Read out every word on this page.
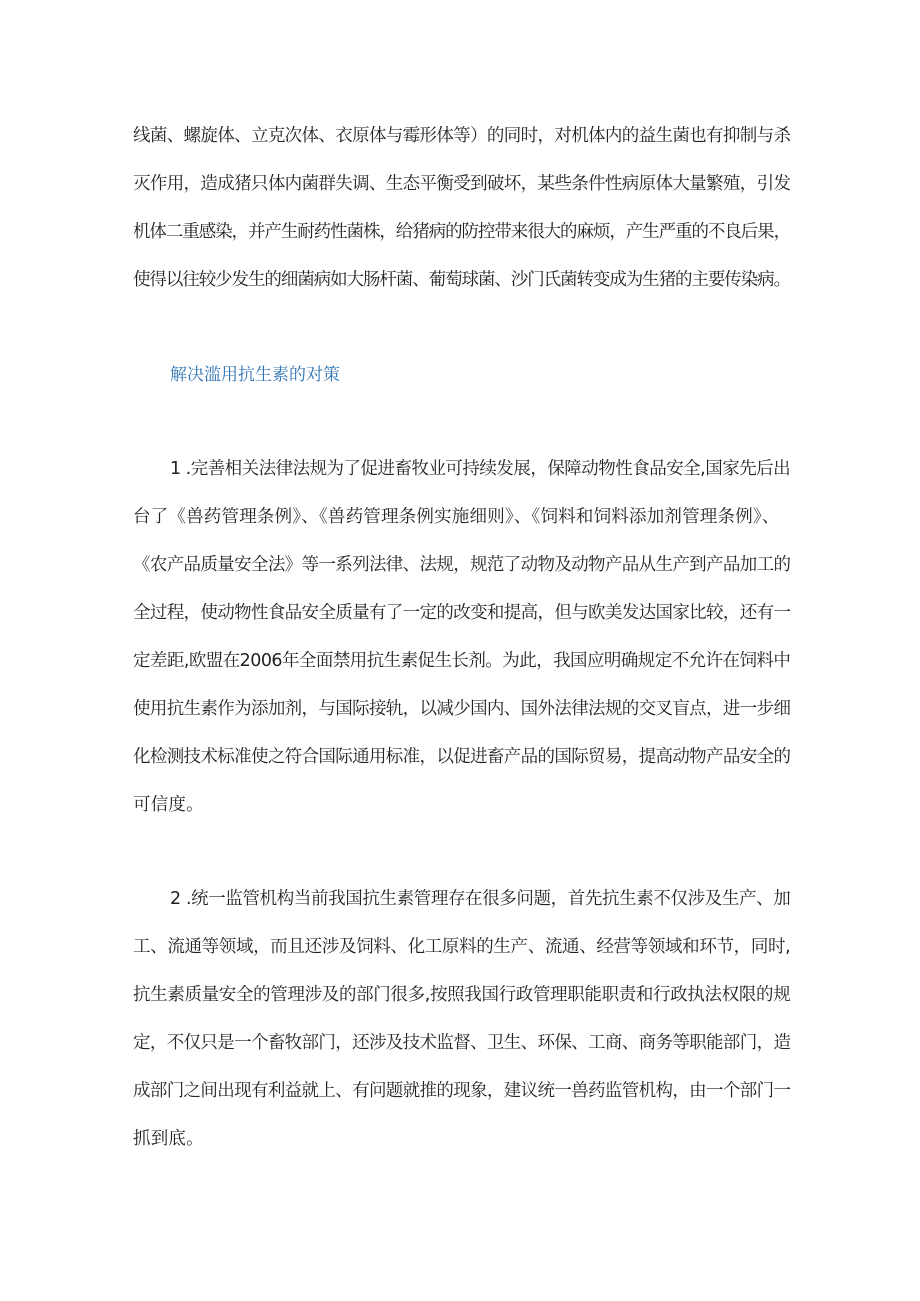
线菌、螺旋体、立克次体、衣原体与霉形体等）的同时，对机体内的益生菌也有抑制与杀
灭作用，造成猪只体内菌群失调、生态平衡受到破坏，某些条件性病原体大量繁殖，引发
机体二重感染，并产生耐药性菌株，给猪病的防控带来很大的麻烦，产生严重的不良后果，
使得以往较少发生的细菌病如大肠杆菌、葡萄球菌、沙门氏菌转变成为生猪的主要传染病。
解决滥用抗生素的对策
1 .完善相关法律法规为了促进畜牧业可持续发展，保障动物性食品安全,国家先后出
台了《兽药管理条例》、《兽药管理条例实施细则》、《饲料和饲料添加剂管理条例》、
《农产品质量安全法》等一系列法律、法规，规范了动物及动物产品从生产到产品加工的
全过程，使动物性食品安全质量有了一定的改变和提高，但与欧美发达国家比较，还有一
定差距,欧盟在2006年全面禁用抗生素促生长剂。为此，我国应明确规定不允许在饲料中
使用抗生素作为添加剂，与国际接轨，以减少国内、国外法律法规的交叉盲点，进一步细
化检测技术标准使之符合国际通用标准，以促进畜产品的国际贸易，提高动物产品安全的
可信度。
2 .统一监管机构当前我国抗生素管理存在很多问题，首先抗生素不仅涉及生产、加
工、流通等领域，而且还涉及饲料、化工原料的生产、流通、经营等领域和环节，同时,
抗生素质量安全的管理涉及的部门很多,按照我国行政管理职能职责和行政执法权限的规
定，不仅只是一个畜牧部门，还涉及技术监督、卫生、环保、工商、商务等职能部门，造
成部门之间出现有利益就上、有问题就推的现象，建议统一兽药监管机构，由一个部门一
抓到底。
